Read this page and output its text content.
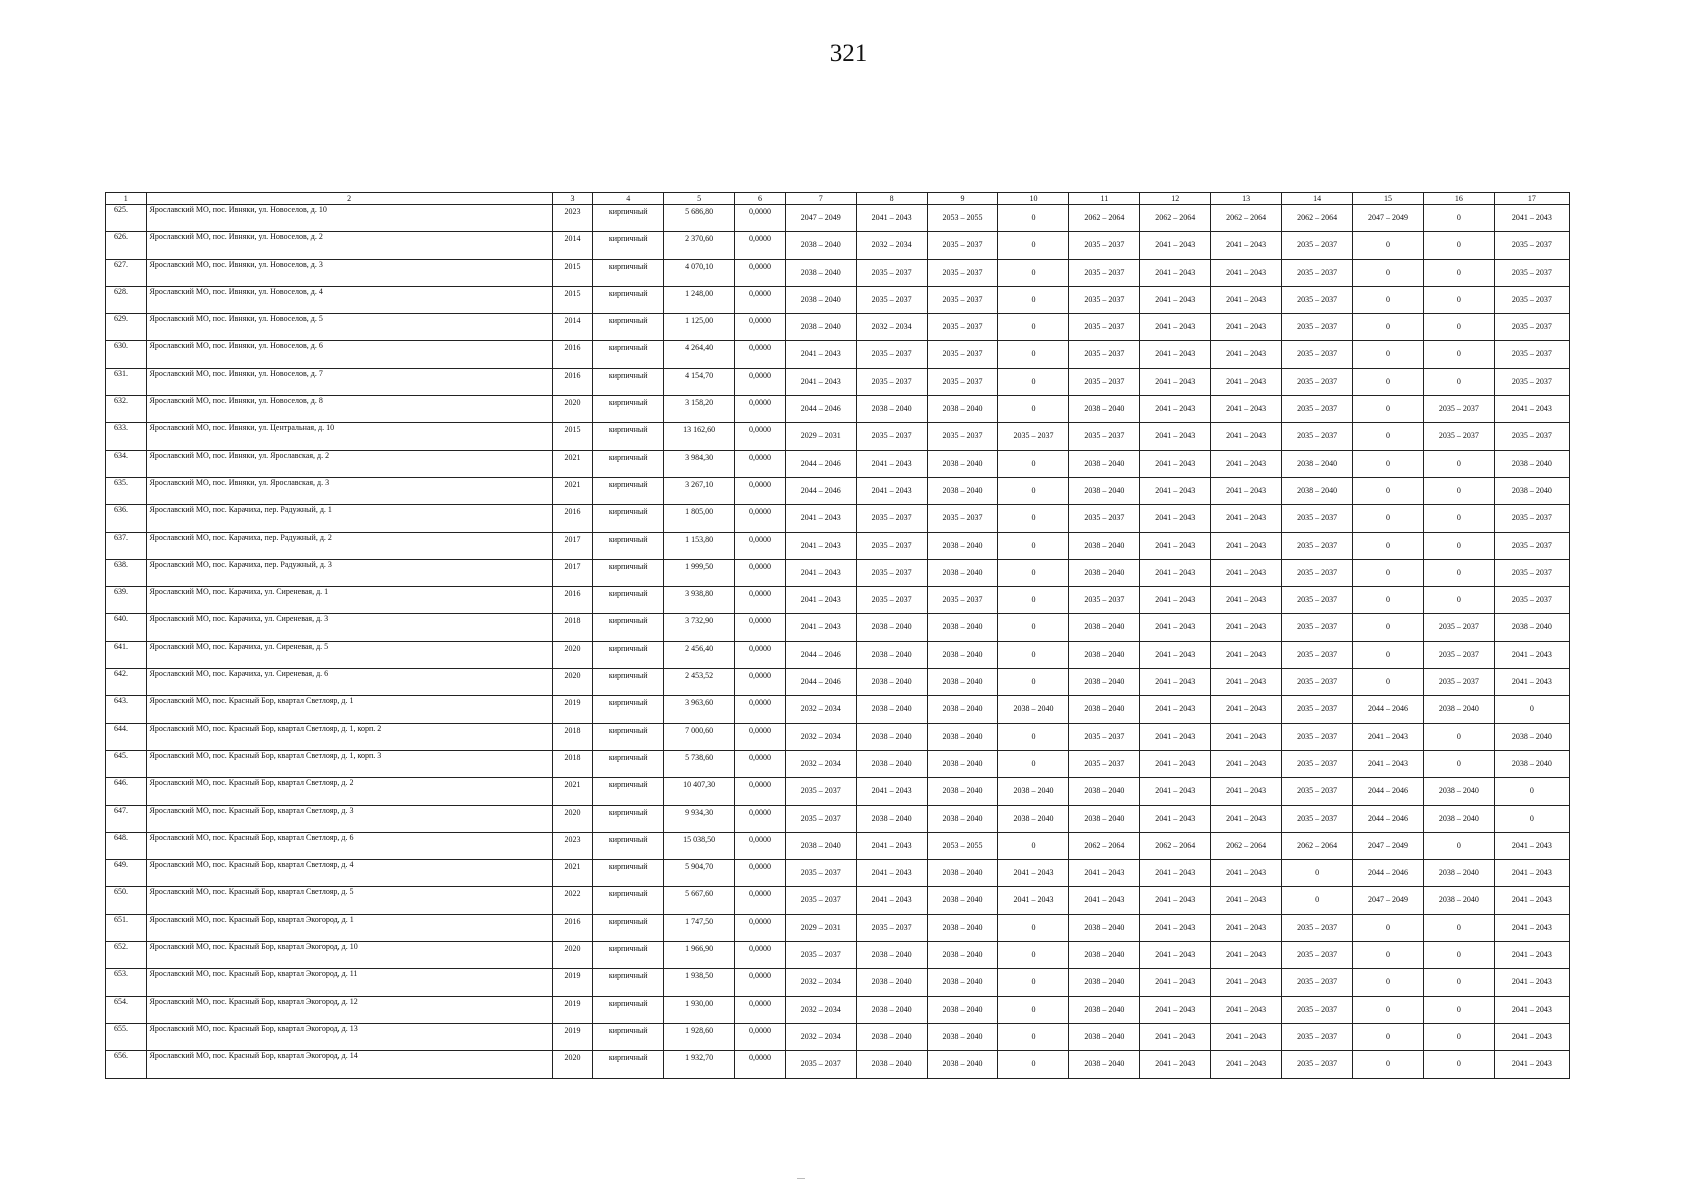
321
1	2	3	4	5	6	7	8	9	10	11	12	13	14	15	16	17
625.	Ярославский МО, пос. Ивняки, ул. Новоселов, д. 10	2023	кирпичный	5 686,80	0,0000	2047 – 2049	2041 – 2043	2053 – 2055	0	2062 – 2064	2062 – 2064	2062 – 2064	2062 – 2064	2047 – 2049	0	2041 – 2043
626.	Ярославский МО, пос. Ивняки, ул. Новоселов, д. 2	2014	кирпичный	2 370,60	0,0000	2038 – 2040	2032 – 2034	2035 – 2037	0	2035 – 2037	2041 – 2043	2041 – 2043	2035 – 2037	0	0	2035 – 2037
627.	Ярославский МО, пос. Ивняки, ул. Новоселов, д. 3	2015	кирпичный	4 070,10	0,0000	2038 – 2040	2035 – 2037	2035 – 2037	0	2035 – 2037	2041 – 2043	2041 – 2043	2035 – 2037	0	0	2035 – 2037
628.	Ярославский МО, пос. Ивняки, ул. Новоселов, д. 4	2015	кирпичный	1 248,00	0,0000	2038 – 2040	2035 – 2037	2035 – 2037	0	2035 – 2037	2041 – 2043	2041 – 2043	2035 – 2037	0	0	2035 – 2037
629.	Ярославский МО, пос. Ивняки, ул. Новоселов, д. 5	2014	кирпичный	1 125,00	0,0000	2038 – 2040	2032 – 2034	2035 – 2037	0	2035 – 2037	2041 – 2043	2041 – 2043	2035 – 2037	0	0	2035 – 2037
630.	Ярославский МО, пос. Ивняки, ул. Новоселов, д. 6	2016	кирпичный	4 264,40	0,0000	2041 – 2043	2035 – 2037	2035 – 2037	0	2035 – 2037	2041 – 2043	2041 – 2043	2035 – 2037	0	0	2035 – 2037
631.	Ярославский МО, пос. Ивняки, ул. Новоселов, д. 7	2016	кирпичный	4 154,70	0,0000	2041 – 2043	2035 – 2037	2035 – 2037	0	2035 – 2037	2041 – 2043	2041 – 2043	2035 – 2037	0	0	2035 – 2037
632.	Ярославский МО, пос. Ивняки, ул. Новоселов, д. 8	2020	кирпичный	3 158,20	0,0000	2044 – 2046	2038 – 2040	2038 – 2040	0	2038 – 2040	2041 – 2043	2041 – 2043	2035 – 2037	0	2035 – 2037	2041 – 2043
633.	Ярославский МО, пос. Ивняки, ул. Центральная, д. 10	2015	кирпичный	13 162,60	0,0000	2029 – 2031	2035 – 2037	2035 – 2037	2035 – 2037	2035 – 2037	2041 – 2043	2041 – 2043	2035 – 2037	0	2035 – 2037	2035 – 2037
634.	Ярославский МО, пос. Ивняки, ул. Ярославская, д. 2	2021	кирпичный	3 984,30	0,0000	2044 – 2046	2041 – 2043	2038 – 2040	0	2038 – 2040	2041 – 2043	2041 – 2043	2038 – 2040	0	0	2038 – 2040
635.	Ярославский МО, пос. Ивняки, ул. Ярославская, д. 3	2021	кирпичный	3 267,10	0,0000	2044 – 2046	2041 – 2043	2038 – 2040	0	2038 – 2040	2041 – 2043	2041 – 2043	2038 – 2040	0	0	2038 – 2040
636.	Ярославский МО, пос. Карачиха, пер. Радужный, д. 1	2016	кирпичный	1 805,00	0,0000	2041 – 2043	2035 – 2037	2035 – 2037	0	2035 – 2037	2041 – 2043	2041 – 2043	2035 – 2037	0	0	2035 – 2037
637.	Ярославский МО, пос. Карачиха, пер. Радужный, д. 2	2017	кирпичный	1 153,80	0,0000	2041 – 2043	2035 – 2037	2038 – 2040	0	2038 – 2040	2041 – 2043	2041 – 2043	2035 – 2037	0	0	2035 – 2037
638.	Ярославский МО, пос. Карачиха, пер. Радужный, д. 3	2017	кирпичный	1 999,50	0,0000	2041 – 2043	2035 – 2037	2038 – 2040	0	2038 – 2040	2041 – 2043	2041 – 2043	2035 – 2037	0	0	2035 – 2037
639.	Ярославский МО, пос. Карачиха, ул. Сиреневая, д. 1	2016	кирпичный	3 938,80	0,0000	2041 – 2043	2035 – 2037	2035 – 2037	0	2035 – 2037	2041 – 2043	2041 – 2043	2035 – 2037	0	0	2035 – 2037
640.	Ярославский МО, пос. Карачиха, ул. Сиреневая, д. 3	2018	кирпичный	3 732,90	0,0000	2041 – 2043	2038 – 2040	2038 – 2040	0	2038 – 2040	2041 – 2043	2041 – 2043	2035 – 2037	0	2035 – 2037	2038 – 2040
641.	Ярославский МО, пос. Карачиха, ул. Сиреневая, д. 5	2020	кирпичный	2 456,40	0,0000	2044 – 2046	2038 – 2040	2038 – 2040	0	2038 – 2040	2041 – 2043	2041 – 2043	2035 – 2037	0	2035 – 2037	2041 – 2043
642.	Ярославский МО, пос. Карачиха, ул. Сиреневая, д. 6	2020	кирпичный	2 453,52	0,0000	2044 – 2046	2038 – 2040	2038 – 2040	0	2038 – 2040	2041 – 2043	2041 – 2043	2035 – 2037	0	2035 – 2037	2041 – 2043
643.	Ярославский МО, пос. Красный Бор, квартал Светлояр, д. 1	2019	кирпичный	3 963,60	0,0000	2032 – 2034	2038 – 2040	2038 – 2040	2038 – 2040	2038 – 2040	2041 – 2043	2041 – 2043	2035 – 2037	2044 – 2046	2038 – 2040	0
644.	Ярославский МО, пос. Красный Бор, квартал Светлояр, д. 1, корп. 2	2018	кирпичный	7 000,60	0,0000	2032 – 2034	2038 – 2040	2038 – 2040	0	2035 – 2037	2041 – 2043	2041 – 2043	2035 – 2037	2041 – 2043	0	2038 – 2040
645.	Ярославский МО, пос. Красный Бор, квартал Светлояр, д. 1, корп. 3	2018	кирпичный	5 738,60	0,0000	2032 – 2034	2038 – 2040	2038 – 2040	0	2035 – 2037	2041 – 2043	2041 – 2043	2035 – 2037	2041 – 2043	0	2038 – 2040
646.	Ярославский МО, пос. Красный Бор, квартал Светлояр, д. 2	2021	кирпичный	10 407,30	0,0000	2035 – 2037	2041 – 2043	2038 – 2040	2038 – 2040	2038 – 2040	2041 – 2043	2041 – 2043	2035 – 2037	2044 – 2046	2038 – 2040	0
647.	Ярославский МО, пос. Красный Бор, квартал Светлояр, д. 3	2020	кирпичный	9 934,30	0,0000	2035 – 2037	2038 – 2040	2038 – 2040	2038 – 2040	2038 – 2040	2041 – 2043	2041 – 2043	2035 – 2037	2044 – 2046	2038 – 2040	0
648.	Ярославский МО, пос. Красный Бор, квартал Светлояр, д. 6	2023	кирпичный	15 038,50	0,0000	2038 – 2040	2041 – 2043	2053 – 2055	0	2062 – 2064	2062 – 2064	2062 – 2064	2062 – 2064	2047 – 2049	0	2041 – 2043
649.	Ярославский МО, пос. Красный Бор, квартал Светлояр, д. 4	2021	кирпичный	5 904,70	0,0000	2035 – 2037	2041 – 2043	2038 – 2040	2041 – 2043	2041 – 2043	2041 – 2043	2041 – 2043	0	2044 – 2046	2038 – 2040	2041 – 2043
650.	Ярославский МО, пос. Красный Бор, квартал Светлояр, д. 5	2022	кирпичный	5 667,60	0,0000	2035 – 2037	2041 – 2043	2038 – 2040	2041 – 2043	2041 – 2043	2041 – 2043	2041 – 2043	0	2047 – 2049	2038 – 2040	2041 – 2043
651.	Ярославский МО, пос. Красный Бор, квартал Экогород, д. 1	2016	кирпичный	1 747,50	0,0000	2029 – 2031	2035 – 2037	2038 – 2040	0	2038 – 2040	2041 – 2043	2041 – 2043	2035 – 2037	0	0	2041 – 2043
652.	Ярославский МО, пос. Красный Бор, квартал Экогород, д. 10	2020	кирпичный	1 966,90	0,0000	2035 – 2037	2038 – 2040	2038 – 2040	0	2038 – 2040	2041 – 2043	2041 – 2043	2035 – 2037	0	0	2041 – 2043
653.	Ярославский МО, пос. Красный Бор, квартал Экогород, д. 11	2019	кирпичный	1 938,50	0,0000	2032 – 2034	2038 – 2040	2038 – 2040	0	2038 – 2040	2041 – 2043	2041 – 2043	2035 – 2037	0	0	2041 – 2043
654.	Ярославский МО, пос. Красный Бор, квартал Экогород, д. 12	2019	кирпичный	1 930,00	0,0000	2032 – 2034	2038 – 2040	2038 – 2040	0	2038 – 2040	2041 – 2043	2041 – 2043	2035 – 2037	0	0	2041 – 2043
655.	Ярославский МО, пос. Красный Бор, квартал Экогород, д. 13	2019	кирпичный	1 928,60	0,0000	2032 – 2034	2038 – 2040	2038 – 2040	0	2038 – 2040	2041 – 2043	2041 – 2043	2035 – 2037	0	0	2041 – 2043
656.	Ярославский МО, пос. Красный Бор, квартал Экогород, д. 14	2020	кирпичный	1 932,70	0,0000	2035 – 2037	2038 – 2040	2038 – 2040	0	2038 – 2040	2041 – 2043	2041 – 2043	2035 – 2037	0	0	2041 – 2043
